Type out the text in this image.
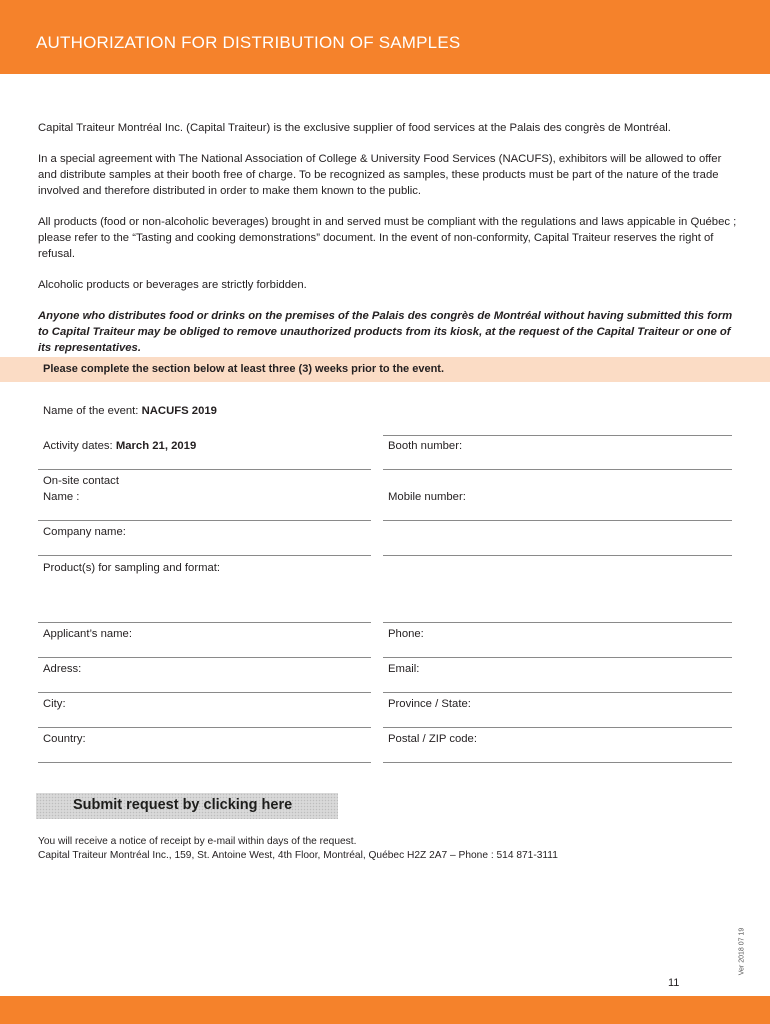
AUTHORIZATION FOR DISTRIBUTION OF SAMPLES

Capital Traiteur Montréal Inc. (Capital Traiteur) is the exclusive supplier of food services at the Palais des congrès de Montréal.

In a special agreement with The National Association of College & University Food Services (NACUFS), exhibitors will be allowed to offer and distribute samples at their booth free of charge. To be recognized as samples, these products must be part of the nature of the trade involved and therefore distributed in order to make them known to the public.

All products (food or non-alcoholic beverages) brought in and served must be compliant with the regulations and laws appicable in Québec ; please refer to the “Tasting and cooking demonstrations” document. In the event of non-conformity, Capital Traiteur reserves the right of refusal.

Alcoholic products or beverages are strictly forbidden.

Anyone who distributes food or drinks on the premises of the Palais des congrès de Montréal without having submitted this form to Capital Traiteur may be obliged to remove unauthorized products from its kiosk, at the request of the Capital Traiteur or one of its representatives.

Please complete the section below at least three (3) weeks prior to the event.
Name of the event: NACUFS 2019
Activity dates: March 21, 2019	Booth number:
On-site contact
Name :	Mobile number:
Company name:
Product(s) for sampling and format:
Applicant’s name:	Phone:
Adress:	Email:
City:	Province / State:
Country:	Postal / ZIP code:
Submit request by clicking here
You will receive a notice of receipt by e-mail within days of the request.
Capital Traiteur Montréal Inc., 159, St. Antoine West, 4th Floor, Montréal, Québec H2Z 2A7 – Phone : 514 871-3111
Ver 2018 07 19
11
